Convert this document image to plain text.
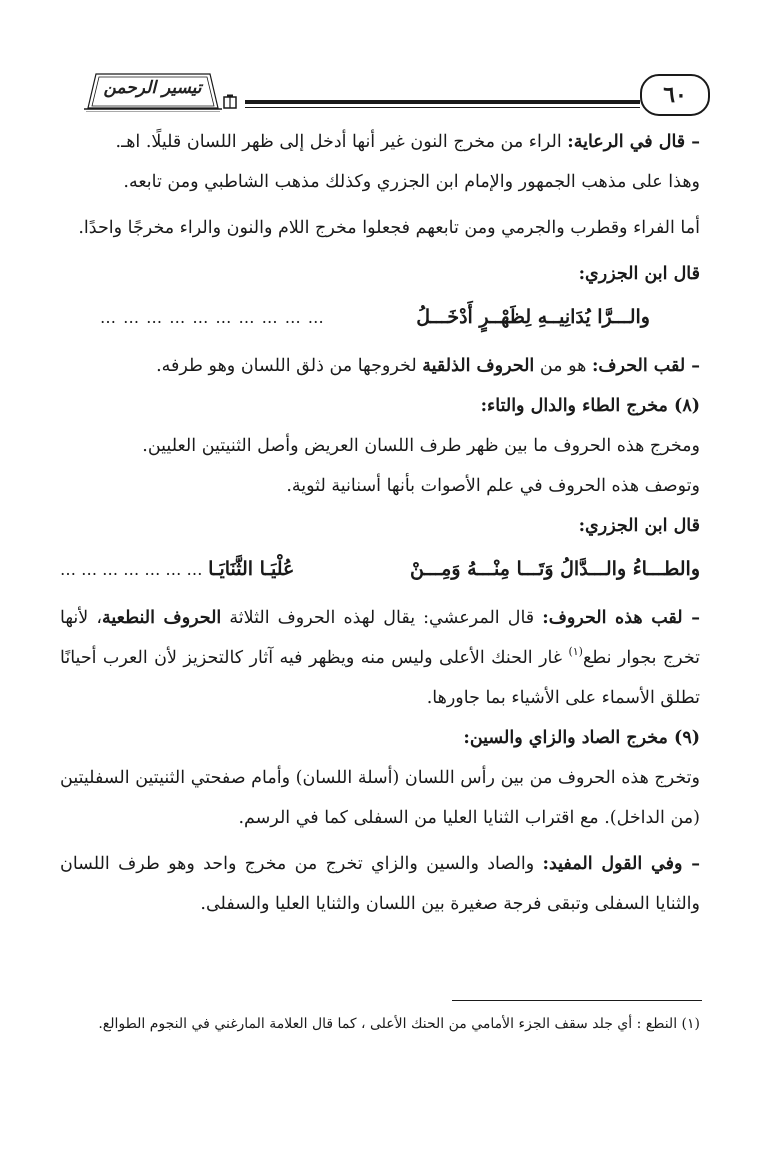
٦٠
تيسير الرحمن

– قال في الرعاية: الراء من مخرج النون غير أنها أدخل إلى ظهر اللسان قليلًا. اهـ.

وهذا على مذهب الجمهور والإمام ابن الجزري وكذلك مذهب الشاطبي ومن تابعه.

أما الفراء وقطرب والجرمي ومن تابعهم فجعلوا مخرج اللام والنون والراء مخرجًا واحدًا.

قال ابن الجزري:

والـــرَّا يُدَانِيــهِ لِظَهْــرٍ أَدْخَـــلُ
… … … … … … … … … …

– لقب الحرف: هو من الحروف الذلقية لخروجها من ذلق اللسان وهو طرفه.

(٨) مخرج الطاء والدال والتاء:

ومخرج هذه الحروف ما بين ظهر طرف اللسان العريض وأصل الثنيتين العليين.

وتوصف هذه الحروف في علم الأصوات بأنها أسنانية لثوية.

قال ابن الجزري:

والطـــاءُ والـــدَّالُ وَتَـــا مِنْـــهُ وَمِـــنْ
عُلْيَـا الثَّنَايَـا … … … … … … …

– لقب هذه الحروف: قال المرعشي: يقال لهذه الحروف الثلاثة الحروف النطعية، لأنها تخرج بجوار نطع$^{(١)}$ غار الحنك الأعلى وليس منه ويظهر فيه آثار كالتحزيز لأن العرب أحيانًا تطلق الأسماء على الأشياء بما جاورها.

(٩) مخرج الصاد والزاي والسين:

وتخرج هذه الحروف من بين رأس اللسان (أسلة اللسان) وأمام صفحتي الثنيتين السفليتين (من الداخل). مع اقتراب الثنايا العليا من السفلى كما في الرسم.

– وفي القول المفيد: والصاد والسين والزاي تخرج من مخرج واحد وهو طرف اللسان والثنايا السفلى وتبقى فرجة صغيرة بين اللسان والثنايا العليا والسفلى.

(١) النطع : أي جلد سقف الجزء الأمامي من الحنك الأعلى ، كما قال العلامة المارغني في النجوم الطوالع.
